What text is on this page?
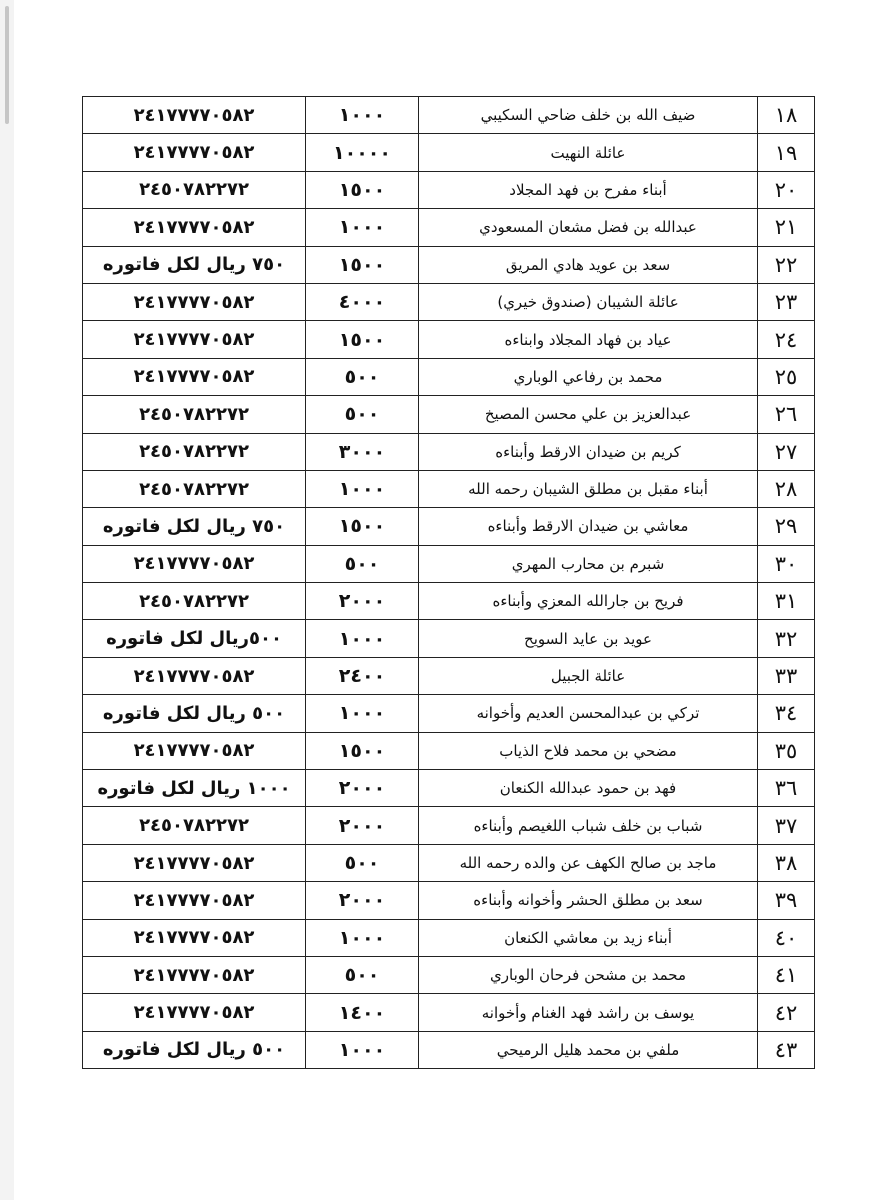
١٨	ضيف الله بن خلف ضاحي السكيبي	١٠٠٠	٢٤١٧٧٧٧٠٥٨٢
١٩	عائلة النهيت	١٠٠٠٠	٢٤١٧٧٧٧٠٥٨٢
٢٠	أبناء مفرح بن فهد المجلاد	١٥٠٠	٢٤٥٠٧٨٢٢٧٢
٢١	عبدالله بن فضل مشعان المسعودي	١٠٠٠	٢٤١٧٧٧٧٠٥٨٢
٢٢	سعد بن عويد هادي المريق	١٥٠٠	٧٥٠ ريال لكل فاتوره
٢٣	عائلة الشيبان (صندوق خيري)	٤٠٠٠	٢٤١٧٧٧٧٠٥٨٢
٢٤	عياد بن فهاد المجلاد وابناءه	١٥٠٠	٢٤١٧٧٧٧٠٥٨٢
٢٥	محمد بن رفاعي الوباري	٥٠٠	٢٤١٧٧٧٧٠٥٨٢
٢٦	عبدالعزيز بن علي محسن المصيخ	٥٠٠	٢٤٥٠٧٨٢٢٧٢
٢٧	كريم بن ضيدان الارقط وأبناءه	٣٠٠٠	٢٤٥٠٧٨٢٢٧٢
٢٨	أبناء مقبل بن مطلق الشيبان رحمه الله	١٠٠٠	٢٤٥٠٧٨٢٢٧٢
٢٩	معاشي بن ضيدان الارقط وأبناءه	١٥٠٠	٧٥٠ ريال لكل فاتوره
٣٠	شبرم بن محارب المهري	٥٠٠	٢٤١٧٧٧٧٠٥٨٢
٣١	فريح بن جارالله المعزي وأبناءه	٢٠٠٠	٢٤٥٠٧٨٢٢٧٢
٣٢	عويد بن عايد السويح	١٠٠٠	٥٠٠ريال لكل فاتوره
٣٣	عائلة الجبيل	٢٤٠٠	٢٤١٧٧٧٧٠٥٨٢
٣٤	تركي بن عبدالمحسن العديم وأخوانه	١٠٠٠	٥٠٠ ريال لكل فاتوره
٣٥	مضحي بن محمد فلاح الذياب	١٥٠٠	٢٤١٧٧٧٧٠٥٨٢
٣٦	فهد بن حمود عبدالله الكنعان	٢٠٠٠	١٠٠٠ ريال لكل فاتوره
٣٧	شباب بن خلف شباب اللغيصم وأبناءه	٢٠٠٠	٢٤٥٠٧٨٢٢٧٢
٣٨	ماجد بن صالح الكهف عن والده رحمه الله	٥٠٠	٢٤١٧٧٧٧٠٥٨٢
٣٩	سعد بن مطلق الحشر وأخوانه وأبناءه	٢٠٠٠	٢٤١٧٧٧٧٠٥٨٢
٤٠	أبناء زيد بن معاشي الكنعان	١٠٠٠	٢٤١٧٧٧٧٠٥٨٢
٤١	محمد بن مشحن فرحان الوباري	٥٠٠	٢٤١٧٧٧٧٠٥٨٢
٤٢	يوسف بن راشد فهد الغنام وأخوانه	١٤٠٠	٢٤١٧٧٧٧٠٥٨٢
٤٣	ملفي بن محمد هليل الرميحي	١٠٠٠	٥٠٠ ريال لكل فاتوره
